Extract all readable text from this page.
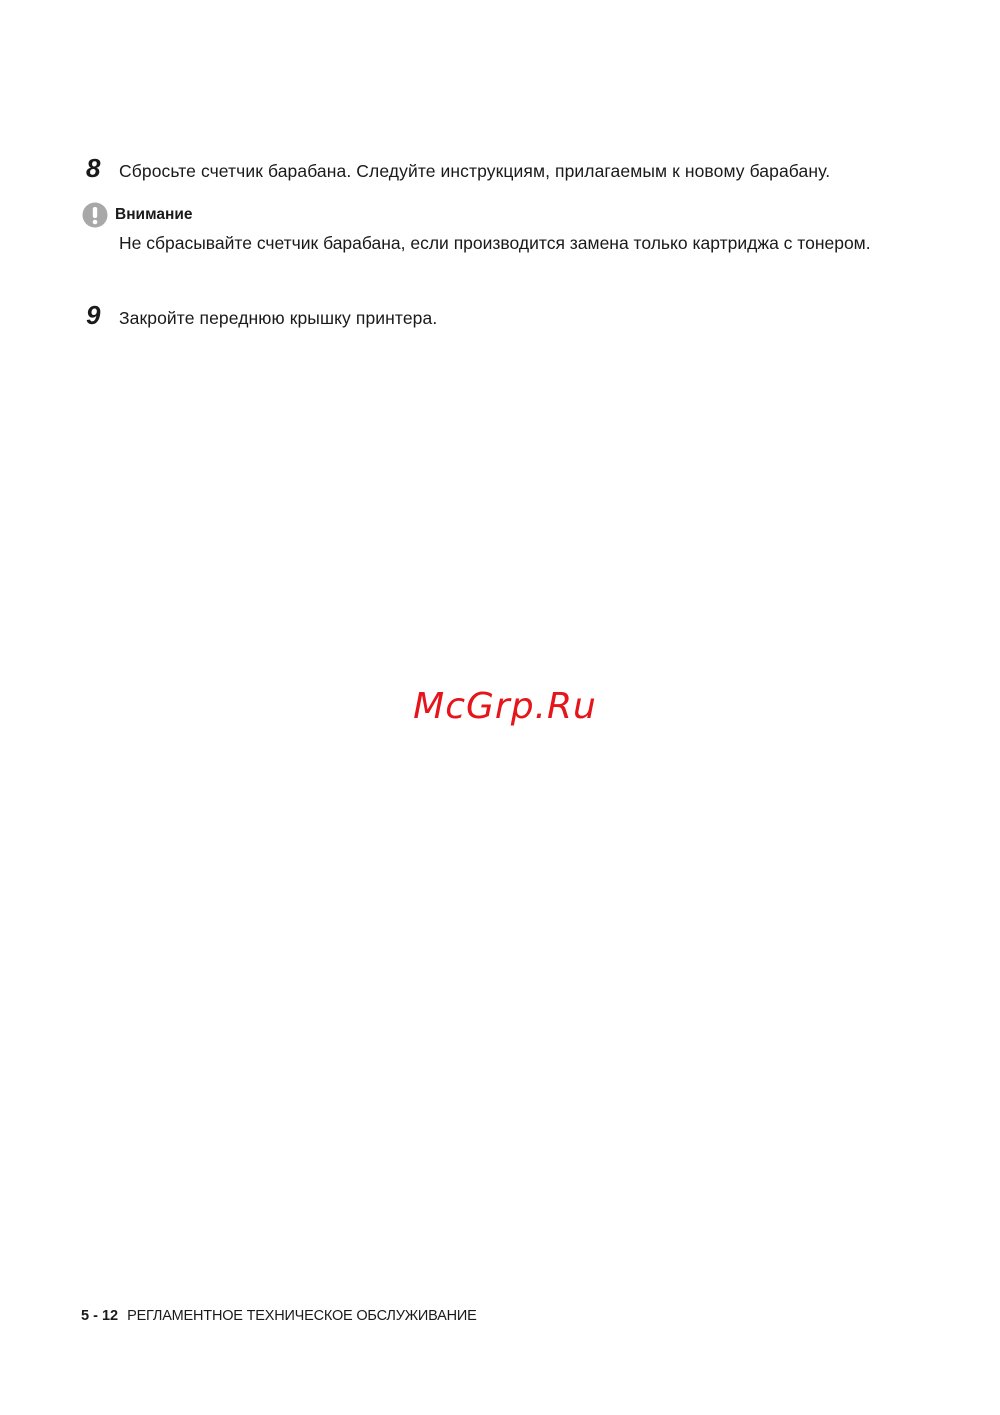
8	Сбросьте счетчик барабана. Следуйте инструкциям, прилагаемым к новому барабану.
Внимание
Не сбрасывайте счетчик барабана, если производится замена только картриджа с тонером.
9	Закройте переднюю крышку принтера.
McGrp.Ru
5 - 12 РЕГЛАМЕНТНОЕ ТЕХНИЧЕСКОЕ ОБСЛУЖИВАНИЕ
